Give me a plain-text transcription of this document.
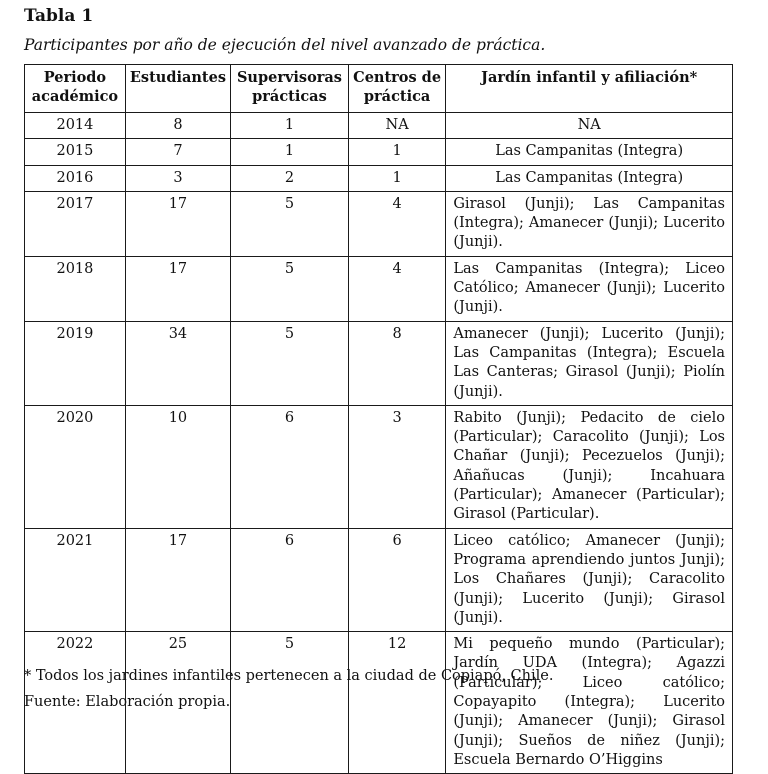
Tabla 1
Participantes por año de ejecución del nivel avanzado de práctica.
Periodo académico	Estudiantes	Supervisoras prácticas	Centros de práctica	Jardín infantil y afiliación*
2014	8	1	NA	NA
2015	7	1	1	Las Campanitas (Integra)
2016	3	2	1	Las Campanitas (Integra)
2017	17	5	4	Girasol (Junji); Las Campanitas (Integra); Amanecer (Junji); Lucerito (Junji).
2018	17	5	4	Las Campanitas (Integra); Liceo Católico; Amanecer (Junji); Lucerito (Junji).
2019	34	5	8	Amanecer (Junji); Lucerito (Junji); Las Campanitas (Integra); Escuela Las Canteras; Girasol (Junji); Piolín (Junji).
2020	10	6	3	Rabito (Junji); Pedacito de cielo (Particular); Caracolito (Junji); Los Chañar (Junji); Pecezuelos (Junji); Añañucas (Junji); Incahuara (Particular); Amanecer (Particular); Girasol (Particular).
2021	17	6	6	Liceo católico; Amanecer (Junji); Programa aprendiendo juntos Junji); Los Chañares (Junji); Caracolito (Junji); Lucerito (Junji); Girasol (Junji).
2022	25	5	12	Mi pequeño mundo (Particular); Jardín UDA (Integra); Agazzi (Particular); Liceo católico; Copayapito (Integra); Lucerito (Junji); Amanecer (Junji); Girasol (Junji); Sueños de niñez (Junji); Escuela Bernardo O’Higgins
* Todos los jardines infantiles pertenecen a la ciudad de Copiapó, Chile.
Fuente: Elaboración propia.
